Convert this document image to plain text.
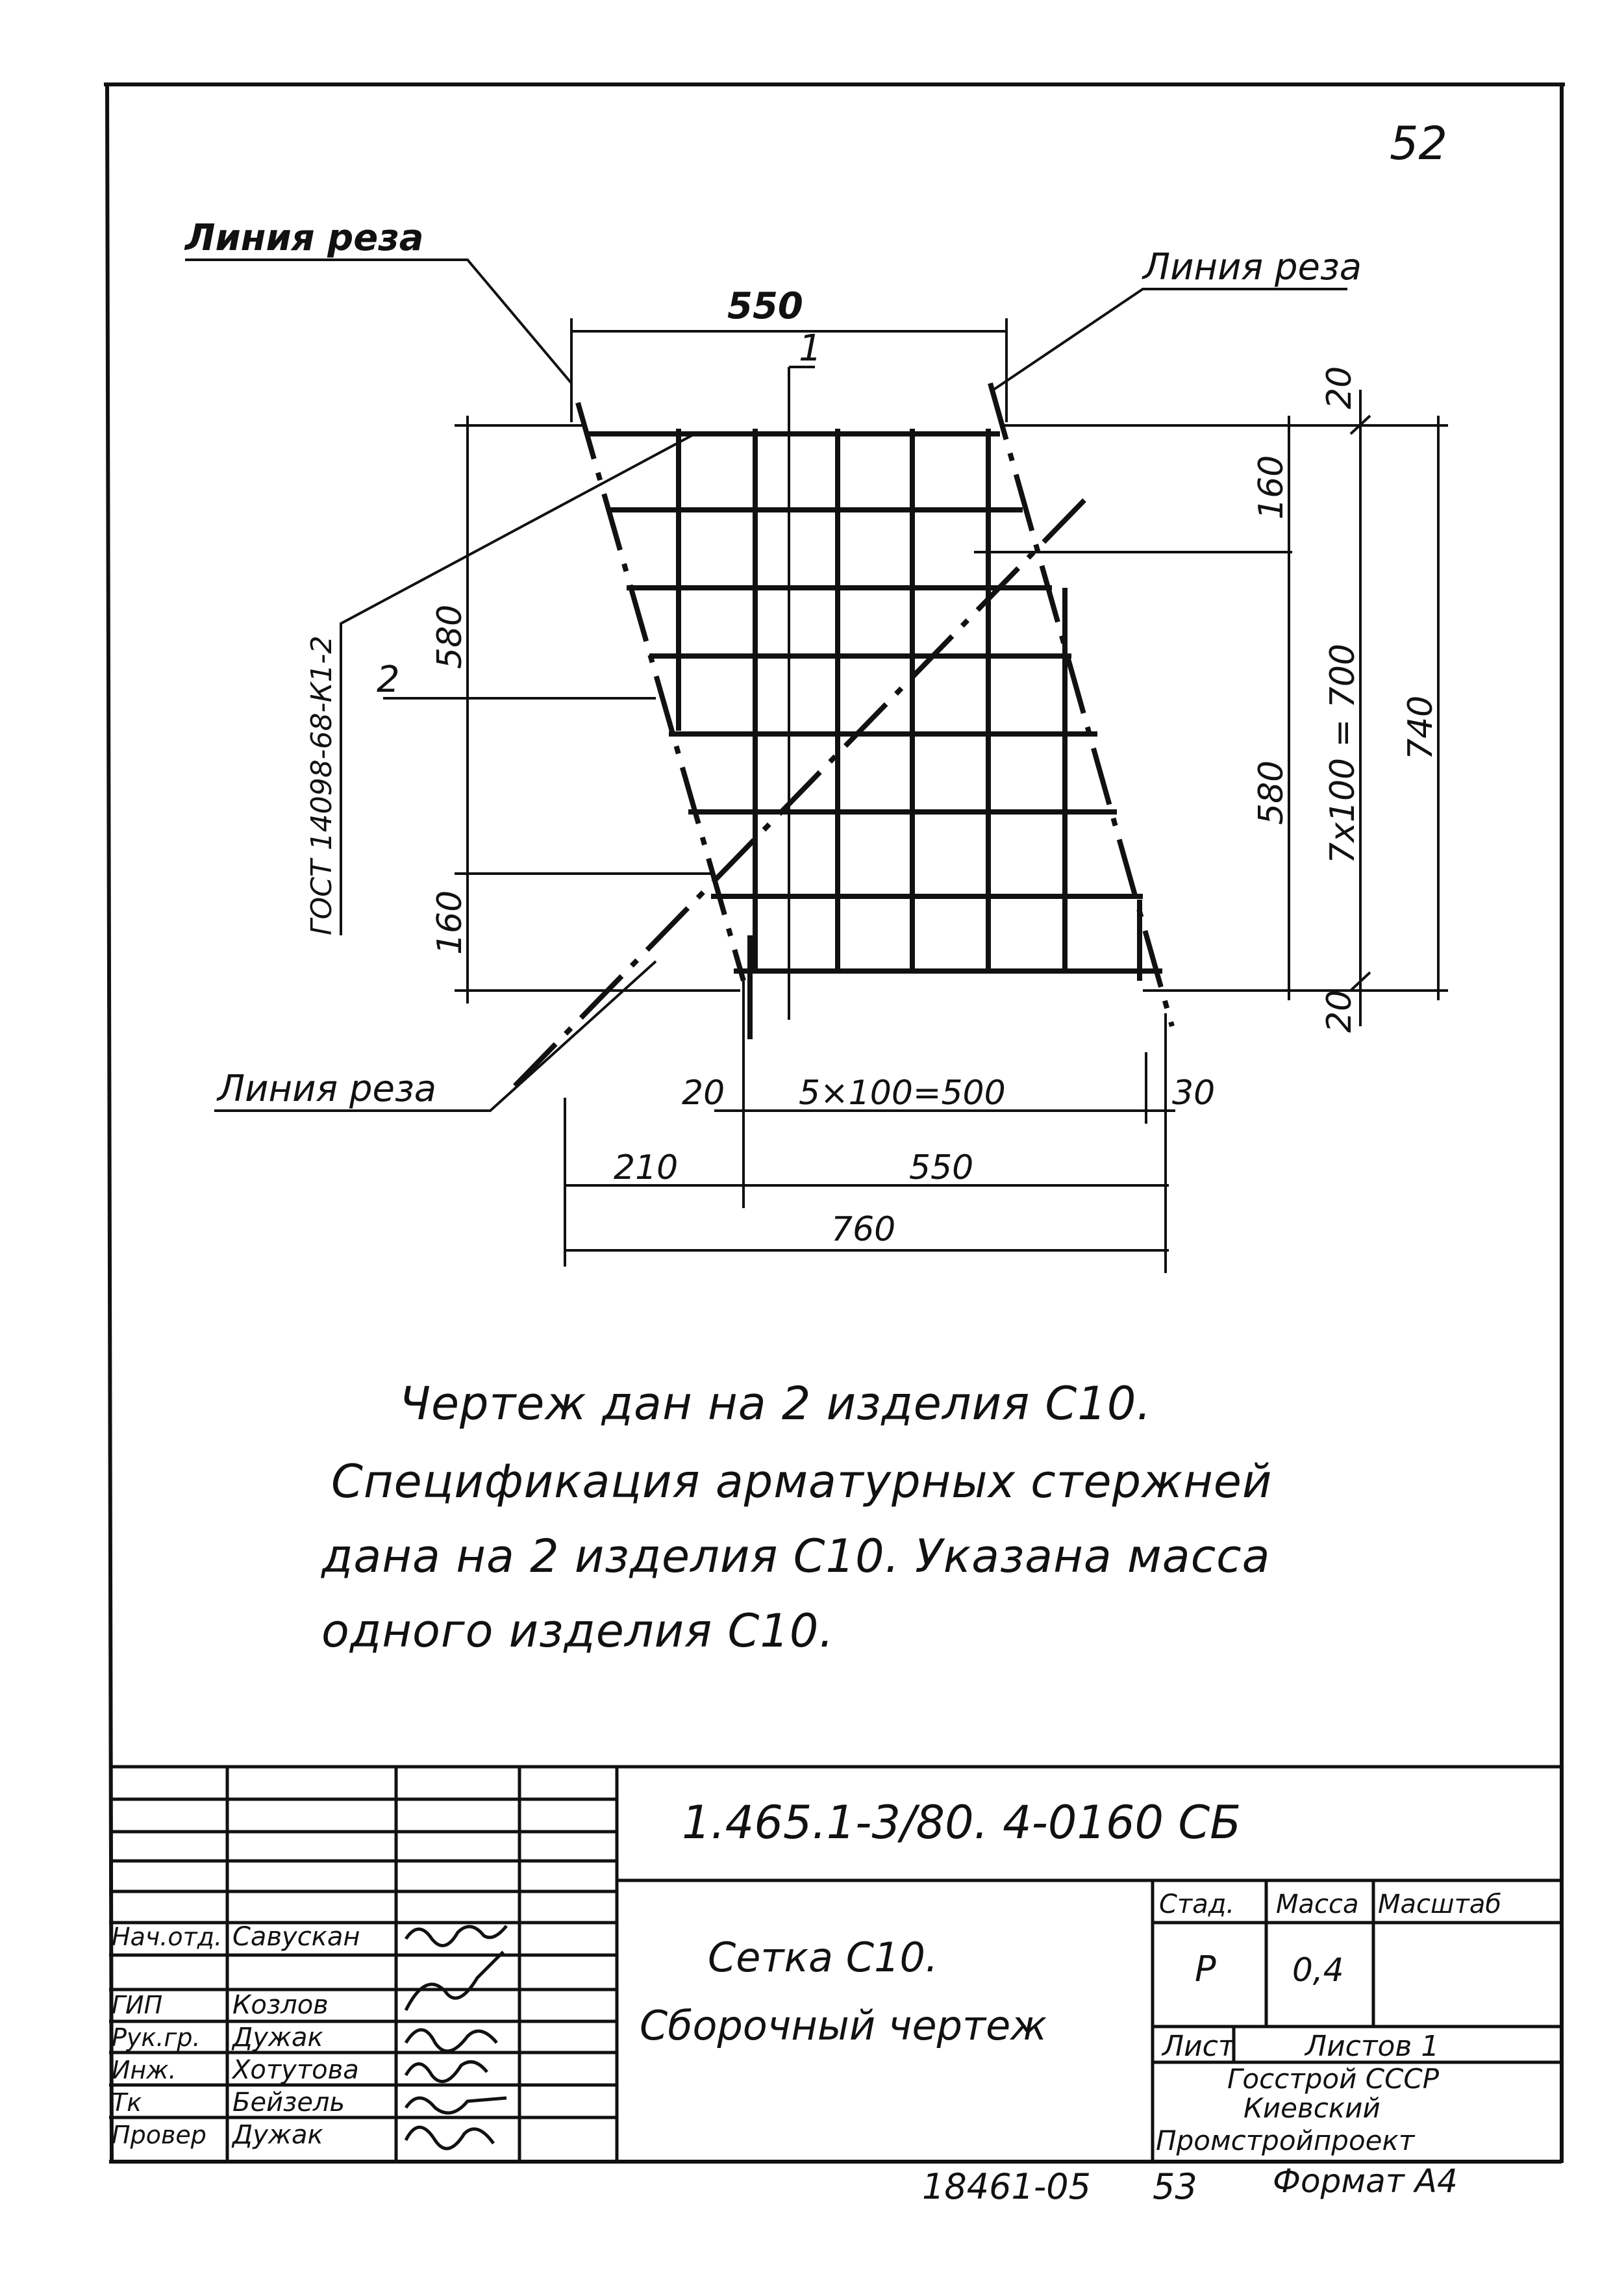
52
550
1
2
20
160
580 7x100 = 700 740
20
580
160
ГОСТ 14098-68-К1-2
20 5×100=500	30
210	550
760
Линия реза
Линия реза
Линия реза
1.465.1-3/80. 4-0160 СБ
Сетка С10.
Сборочный чертеж
Стад. Масса Масштаб
Р 0,4
Лист Листов 1
Госстрой СССР
Киевский
Промстройпроект
Нач.отд.
ГИП
Рук.гр.
Инж.
Тк
Провер
Савускан
Козлов
Дужак
Хотутова
Бейзель
Дужак
18461-05 53 Формат А4
Чертеж дан на 2 изделия С10.
Спецификация арматурных стержней
дана на 2 изделия С10. Указана масса
одного изделия С10.
